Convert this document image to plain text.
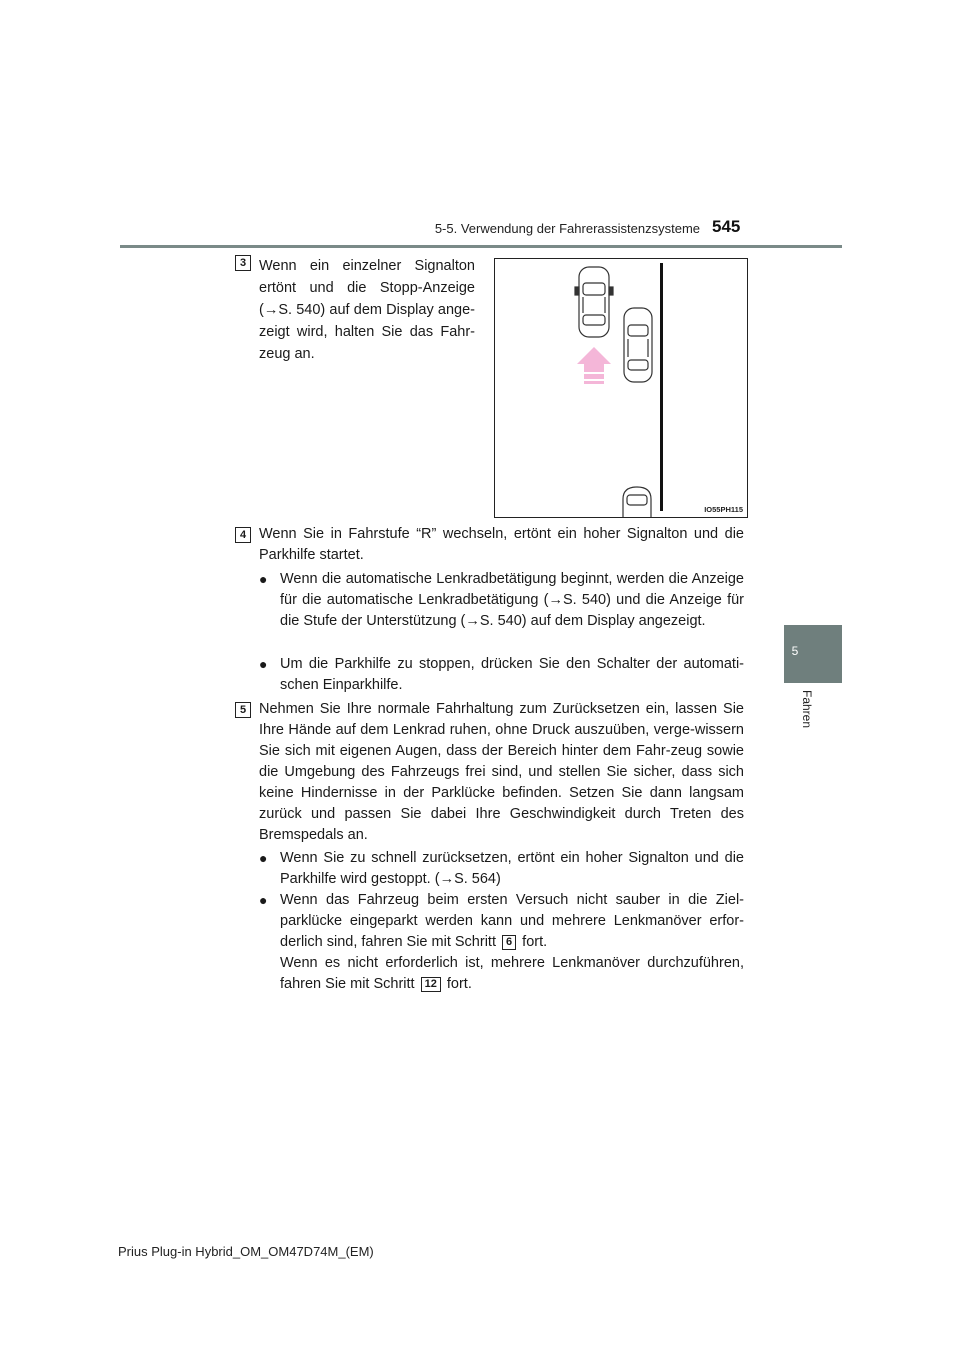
5-5. Verwendung der Fahrerassistenzsysteme 545
5
Fahren
3 Wenn ein einzelner Signalton ertönt und die Stopp-Anzeige (→S. 540) auf dem Display ange-zeigt wird, halten Sie das Fahr-zeug an.
IO55PH115
4 Wenn Sie in Fahrstufe “R” wechseln, ertönt ein hoher Signalton und die Parkhilfe startet.
● Wenn die automatische Lenkradbetätigung beginnt, werden die Anzeige für die automatische Lenkradbetätigung (→S. 540) und die Anzeige für die Stufe der Unterstützung (→S. 540) auf dem Display angezeigt.
● Um die Parkhilfe zu stoppen, drücken Sie den Schalter der automati-schen Einparkhilfe.
5 Nehmen Sie Ihre normale Fahrhaltung zum Zurücksetzen ein, lassen Sie Ihre Hände auf dem Lenkrad ruhen, ohne Druck auszuüben, verge-wissern Sie sich mit eigenen Augen, dass der Bereich hinter dem Fahr-zeug sowie die Umgebung des Fahrzeugs frei sind, und stellen Sie sicher, dass sich keine Hindernisse in der Parklücke befinden. Setzen Sie dann langsam zurück und passen Sie dabei Ihre Geschwindigkeit durch Treten des Bremspedals an.
● Wenn Sie zu schnell zurücksetzen, ertönt ein hoher Signalton und die Parkhilfe wird gestoppt. (→S. 564)
● Wenn das Fahrzeug beim ersten Versuch nicht sauber in die Ziel-parklücke eingeparkt werden kann und mehrere Lenkmanöver erfor-derlich sind, fahren Sie mit Schritt 6 fort.
Wenn es nicht erforderlich ist, mehrere Lenkmanöver durchzuführen, fahren Sie mit Schritt 12 fort.
Prius Plug-in Hybrid_OM_OM47D74M_(EM)
